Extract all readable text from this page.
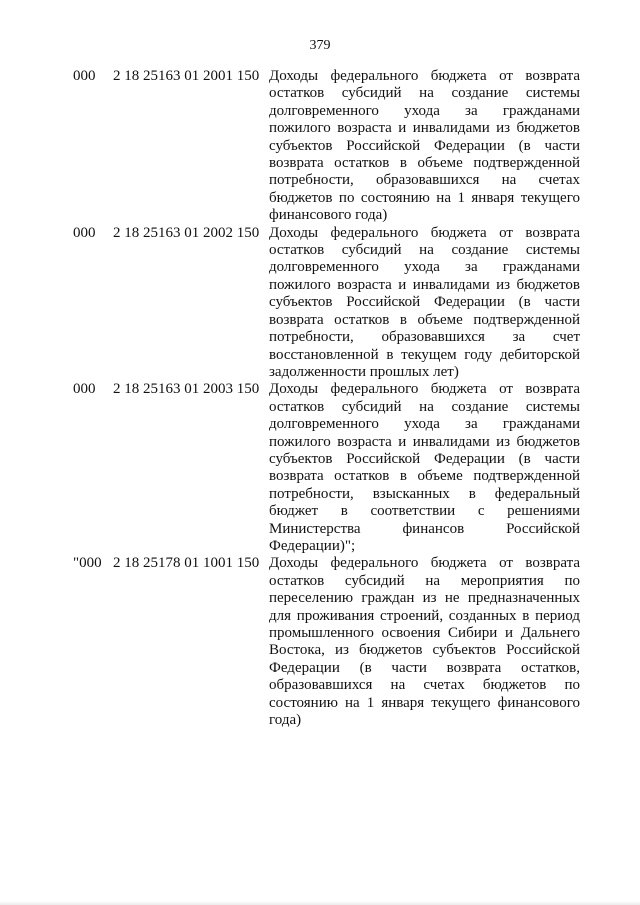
379
000	2 18 25163 01 2001 150 Доходы федерального бюджета от возврата остатков субсидий на создание системы долговременного ухода за гражданами пожилого возраста и инвалидами из бюджетов субъектов Российской Федерации (в части возврата остатков в объеме подтвержденной потребности, образовавшихся на счетах бюджетов по состоянию на 1 января текущего финансового года)

000	2 18 25163 01 2002 150 Доходы федерального бюджета от возврата остатков субсидий на создание системы долговременного ухода за гражданами пожилого возраста и инвалидами из бюджетов субъектов Российской Федерации (в части возврата остатков в объеме подтвержденной потребности, образовавшихся за счет восстановленной в текущем году дебиторской задолженности прошлых лет)

000	2 18 25163 01 2003 150 Доходы федерального бюджета от возврата остатков субсидий на создание системы долговременного ухода за гражданами пожилого возраста и инвалидами из бюджетов субъектов Российской Федерации (в части возврата остатков в объеме подтвержденной потребности, взысканных в федеральный бюджет в соответствии с решениями Министерства финансов Российской Федерации)";

"000 2 18 25178 01 1001 150 Доходы федерального бюджета от возврата остатков субсидий на мероприятия по переселению граждан из не предназначенных для проживания строений, созданных в период промышленного освоения Сибири и Дальнего Востока, из бюджетов субъектов Российской Федерации (в части возврата остатков, образовавшихся на счетах бюджетов по состоянию на 1 января текущего финансового года)
